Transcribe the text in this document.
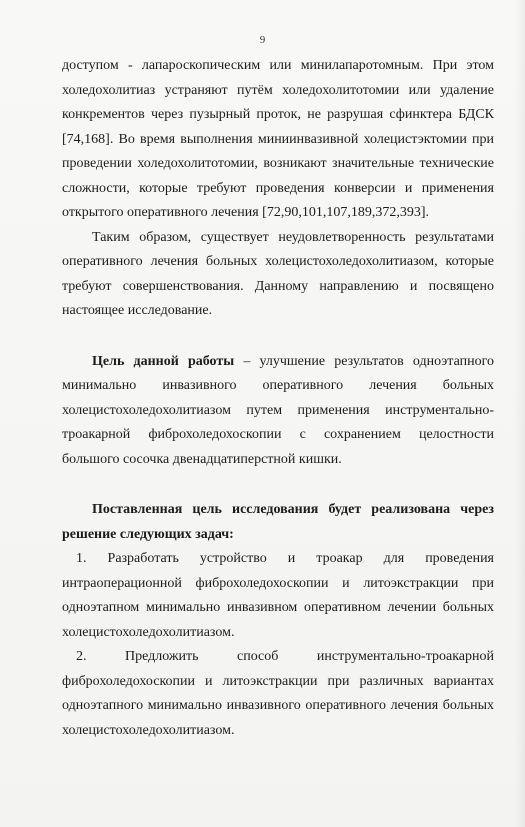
9

доступом - лапароскопическим или минилапаротомным. При этом холедохолитиаз устраняют путём холедохолитотомии или удаление конкрементов через пузырный проток, не разрушая сфинктера БДСК [74,168]. Во время выполнения миниинвазивной холецистэктомии при проведении холедохолитотомии, возникают значительные технические сложности, которые требуют проведения конверсии и применения открытого оперативного лечения [72,90,101,107,189,372,393].

Таким образом, существует неудовлетворенность результатами оперативного лечения больных холецистохоледохолитиазом, которые требуют совершенствования. Данному направлению и посвящено настоящее исследование.

Цель данной работы – улучшение результатов одноэтапного минимально инвазивного оперативного лечения больных холецистохоледохолитиазом путем применения инструментально-троакарной фиброхоледохоскопии с сохранением целостности большого сосочка двенадцатиперстной кишки.

Поставленная цель исследования будет реализована через решение следующих задач:

1. Разработать устройство и троакар для проведения интраоперационной фиброхоледохоскопии и литоэкстракции при одноэтапном минимально инвазивном оперативном лечении больных холецистохоледохолитиазом.
2.	Предложить способ инструментально-троакарной фиброхоледохоскопии и литоэкстракции при различных вариантах одноэтапного минимально инвазивного оперативного лечения больных холецистохоледохолитиазом.
